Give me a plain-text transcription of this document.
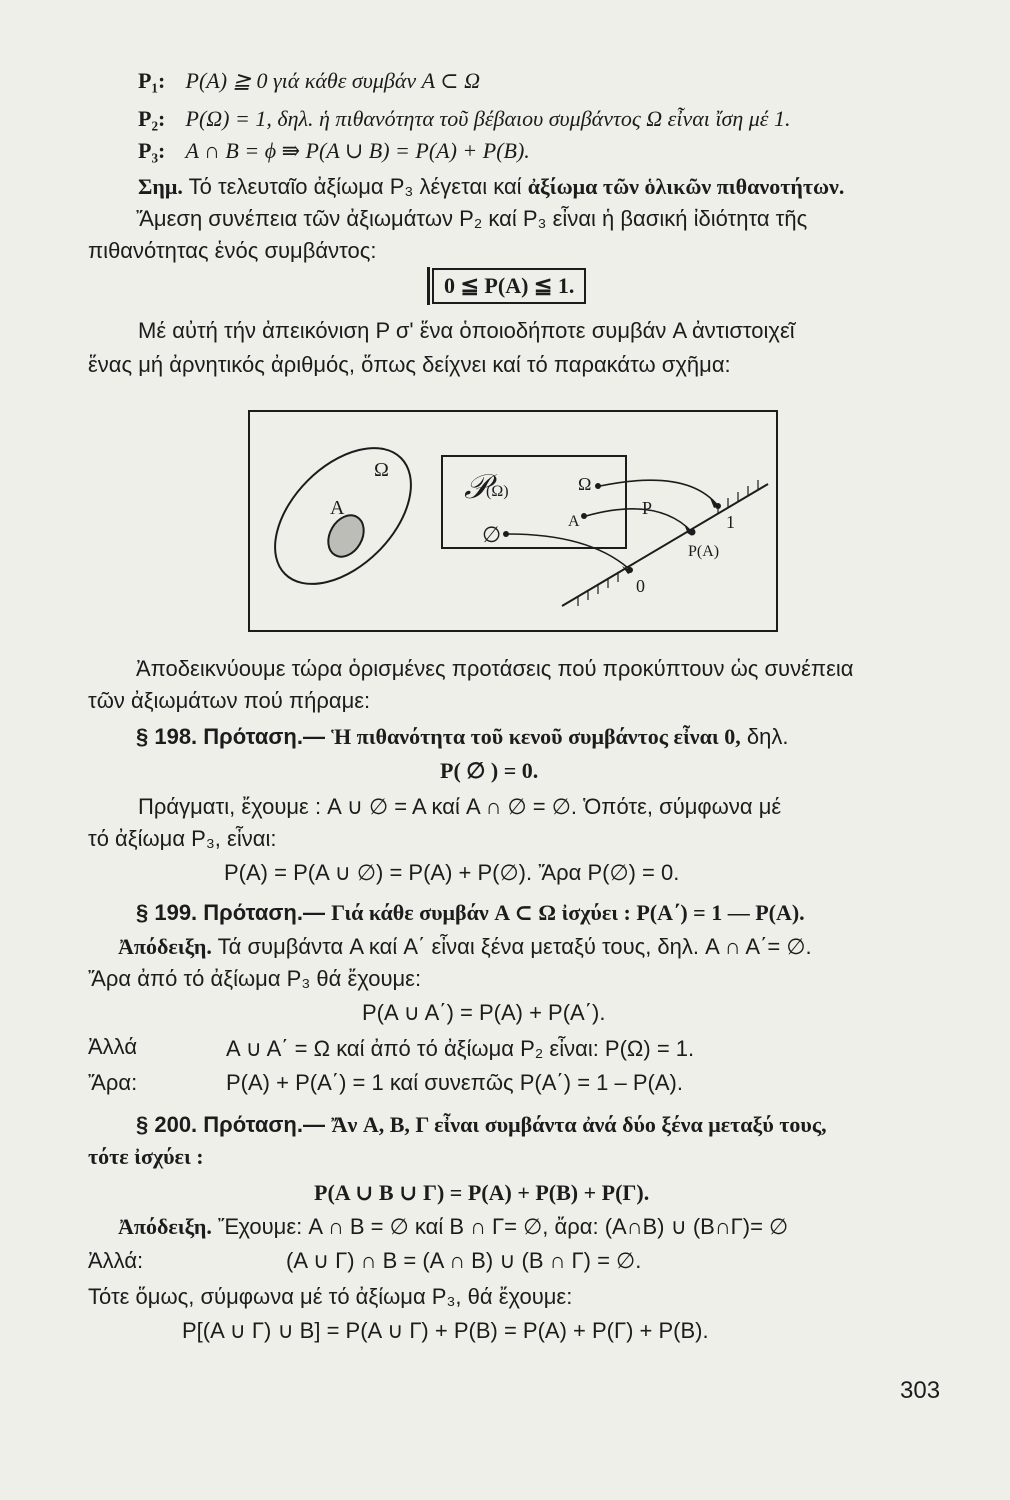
P₁: P(A) ≧ 0 γιά κάθε συμβάν A ⊂ Ω
P₂: P(Ω) = 1, δηλ. ἡ πιθανότητα τοῦ βέβαιου συμβάντος Ω εἶναι ἴση μέ 1.
P₃: A ∩ B = ϕ ⇛ P(A ∪ B) = P(A) + P(B).
Σημ. Τό τελευταῖο ἀξίωμα P₃ λέγεται καί ἀξίωμα τῶν ὁλικῶν πιθανοτήτων.
Ἄμεση συνέπεια τῶν ἀξιωμάτων P₂ καί P₃ εἶναι ἡ βασική ἰδιότητα τῆς
πιθανότητας ἑνός συμβάντος:
0 ≦ P(A) ≦ 1.
Μέ αὐτή τήν ἀπεικόνιση P σ' ἕνα ὁποιοδήποτε συμβάν A ἀντιστοιχεῖ
ἕνας μή ἀρνητικός ἀριθμός, ὅπως δείχνει καί τό παρακάτω σχῆμα:
Ω
A
𝒫
(Ω)	Ω
A
∅
P
1
P(A)
0
Ἀποδεικνύουμε τώρα ὁρισμένες προτάσεις πού προκύπτουν ὡς συνέπεια
τῶν ἀξιωμάτων πού πήραμε:
§ 198. Πρόταση.— Ἡ πιθανότητα τοῦ κενοῦ συμβάντος εἶναι 0, δηλ.
P( ∅ ) = 0.
Πράγματι, ἔχουμε : A ∪ ∅ = A καί A ∩ ∅ = ∅. Ὁπότε, σύμφωνα μέ
τό ἀξίωμα P₃, εἶναι:
P(A) = P(A ∪ ∅) = P(A) + P(∅). Ἄρα P(∅) = 0.
§ 199. Πρόταση.— Γιά κάθε συμβάν A ⊂ Ω ἰσχύει : P(A΄) = 1 — P(A).
Ἀπόδειξη. Τά συμβάντα A καί A΄ εἶναι ξένα μεταξύ τους, δηλ. A ∩ A΄= ∅.
Ἄρα ἀπό τό ἀξίωμα P₃ θά ἔχουμε:
P(A ∪ A΄) = P(A) + P(A΄).
Ἀλλά	A ∪ A΄ = Ω καί ἀπό τό ἀξίωμα P₂ εἶναι: P(Ω) = 1.
Ἄρα:	P(A) + P(A΄) = 1 καί συνεπῶς P(A΄) = 1 – P(A).
§ 200. Πρόταση.— Ἄν A, B, Γ εἶναι συμβάντα ἀνά δύο ξένα μεταξύ τους,
τότε ἰσχύει :
P(A ∪ B ∪ Γ) = P(A) + P(B) + P(Γ).
Ἀπόδειξη. Ἔχουμε: A ∩ B = ∅ καί B ∩ Γ= ∅, ἄρα: (A∩B) ∪ (B∩Γ)= ∅
Ἀλλά:	(A ∪ Γ) ∩ B = (A ∩ B) ∪ (B ∩ Γ) = ∅.
Τότε ὅμως, σύμφωνα μέ τό ἀξίωμα P₃, θά ἔχουμε:
P[(A ∪ Γ) ∪ B] = P(A ∪ Γ) + P(B) = P(A) + P(Γ) + P(B).
303
